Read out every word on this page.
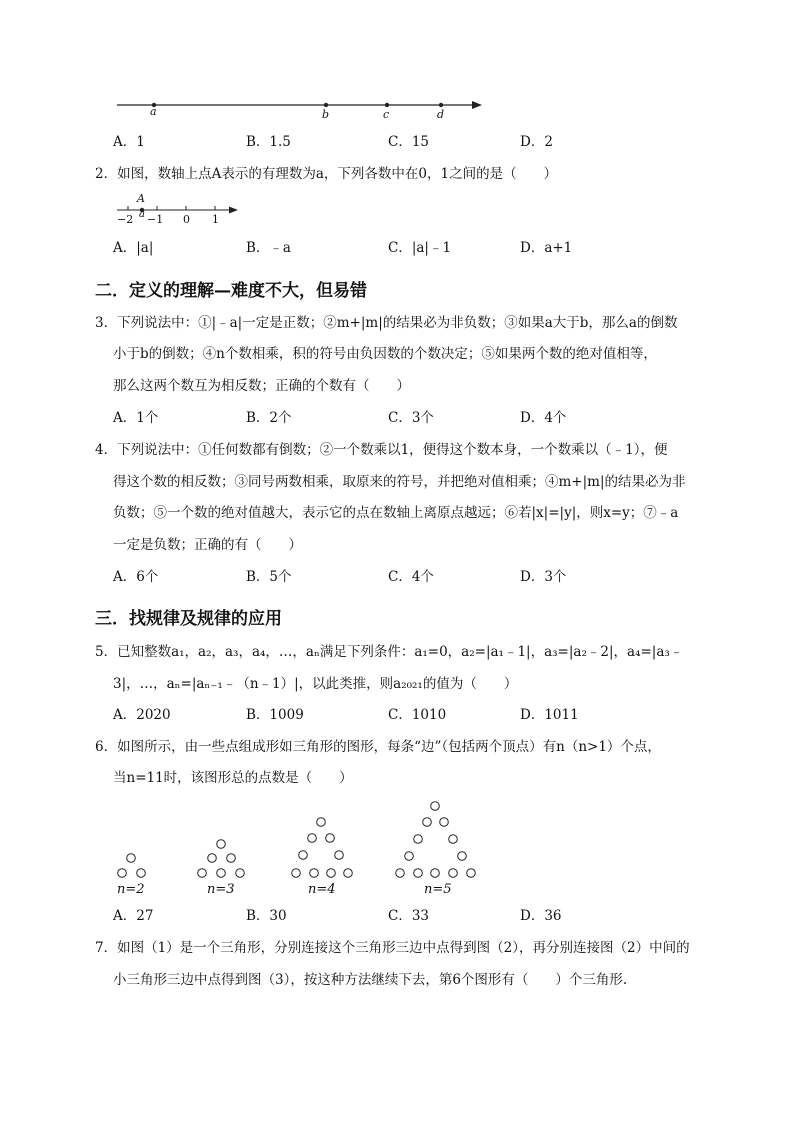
a	b	c	d
A．1	B．1.5	C．15	D．2
2．如图，数轴上点A表示的有理数为a，下列各数中在0，1之间的是（　　）
A
−2 a −1 0 1
A．|a|	B．﹣a	C．|a|﹣1	D．a+1
二．定义的理解—难度不大，但易错
3．下列说法中：①|﹣a|一定是正数；②m+|m|的结果必为非负数；③如果a大于b，那么a的倒数
小于b的倒数；④n个数相乘，积的符号由负因数的个数决定；⑤如果两个数的绝对值相等，
那么这两个数互为相反数；正确的个数有（　　）
A．1个	B．2个	C．3个	D．4个
4．下列说法中：①任何数都有倒数；②一个数乘以1，便得这个数本身，一个数乘以（﹣1），便
得这个数的相反数；③同号两数相乘，取原来的符号，并把绝对值相乘；④m+|m|的结果必为非
负数；⑤一个数的绝对值越大，表示它的点在数轴上离原点越远；⑥若|x|=|y|，则x=y；⑦﹣a
一定是负数；正确的有（　　）
A．6个	B．5个	C．4个	D．3个
三．找规律及规律的应用
5．已知整数a₁，a₂，a₃，a₄，…，aₙ满足下列条件：a₁=0，a₂=|a₁﹣1|，a₃=|a₂﹣2|，a₄=|a₃﹣
3|，…，aₙ=|aₙ₋₁﹣（n﹣1）|，以此类推，则a₂₀₂₁的值为（　　）
A．2020	B．1009	C．1010	D．1011
6．如图所示，由一些点组成形如三角形的图形，每条“边”（包括两个顶点）有n（n>1）个点，
当n=11时，该图形总的点数是（　　）
n=2	n=3	n=4	n=5
A．27	B．30	C．33	D．36
7．如图（1）是一个三角形，分别连接这个三角形三边中点得到图（2），再分别连接图（2）中间的
小三角形三边中点得到图（3），按这种方法继续下去，第6个图形有（　　）个三角形.
